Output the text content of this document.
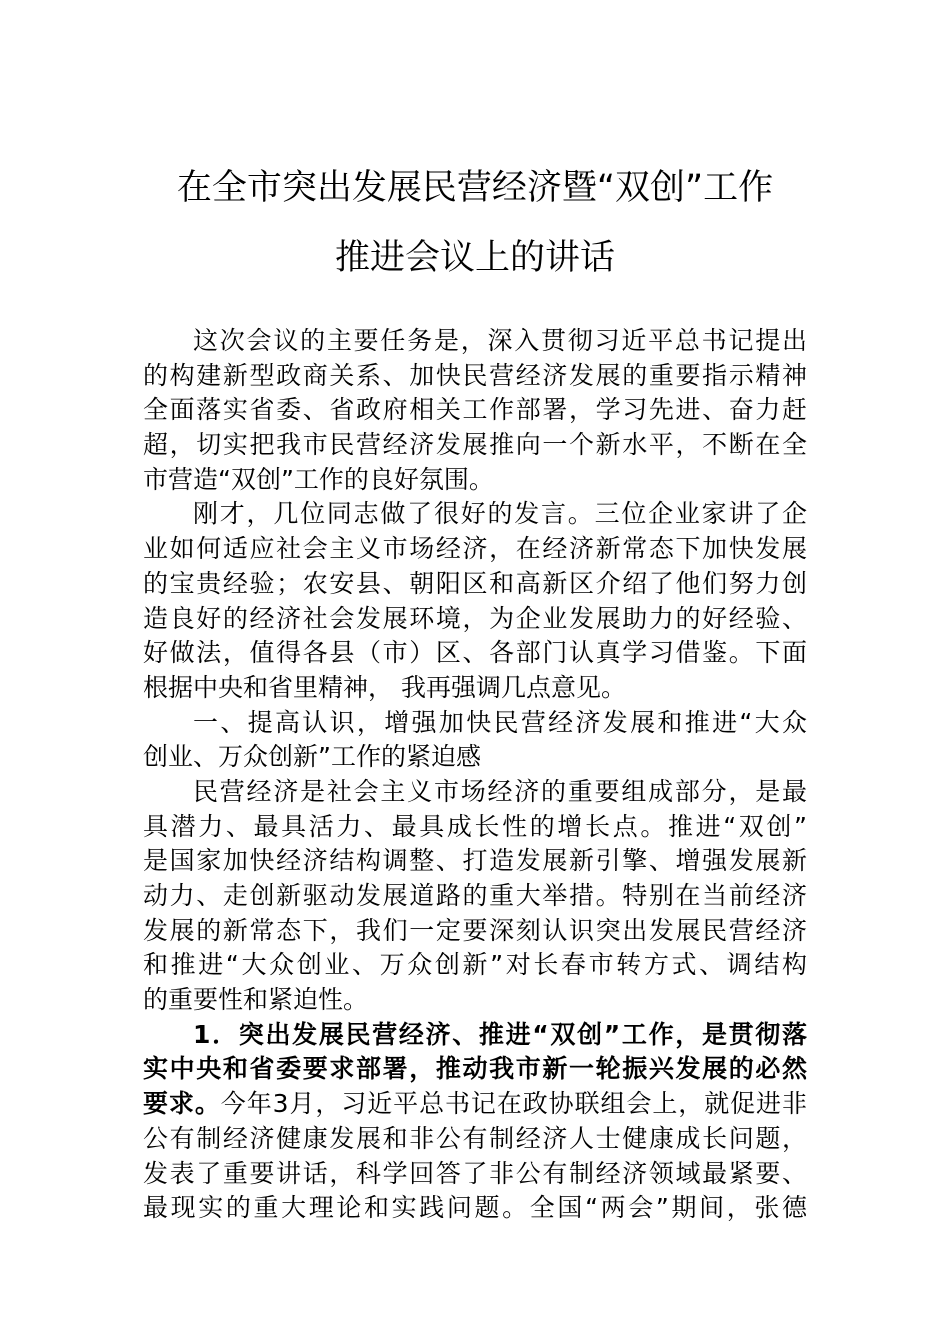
在全市突出发展民营经济暨“双创”工作
推进会议上的讲话
这次会议的主要任务是，深入贯彻习近平总书记提出
的构建新型政商关系、加快民营经济发展的重要指示精神
全面落实省委、省政府相关工作部署，学习先进、奋力赶
超，切实把我市民营经济发展推向一个新水平，不断在全
市营造“双创”工作的良好氛围。
刚才，几位同志做了很好的发言。三位企业家讲了企
业如何适应社会主义市场经济，在经济新常态下加快发展
的宝贵经验；农安县、朝阳区和高新区介绍了他们努力创
造良好的经济社会发展环境，为企业发展助力的好经验、
好做法，值得各县（市）区、各部门认真学习借鉴。下面
根据中央和省里精神， 我再强调几点意见。
一、提高认识，增强加快民营经济发展和推进“大众
创业、万众创新”工作的紧迫感
民营经济是社会主义市场经济的重要组成部分，是最
具潜力、最具活力、最具成长性的增长点。推进“双创”
是国家加快经济结构调整、打造发展新引擎、增强发展新
动力、走创新驱动发展道路的重大举措。特别在当前经济
发展的新常态下，我们一定要深刻认识突出发展民营经济
和推进“大众创业、万众创新”对长春市转方式、调结构
的重要性和紧迫性。
1．突出发展民营经济、推进“双创”工作，是贯彻落
实中央和省委要求部署，推动我市新一轮振兴发展的必然
要求。今年3月，习近平总书记在政协联组会上，就促进非
公有制经济健康发展和非公有制经济人士健康成长问题，
发表了重要讲话，科学回答了非公有制经济领域最紧要、
最现实的重大理论和实践问题。全国“两会”期间，张德
